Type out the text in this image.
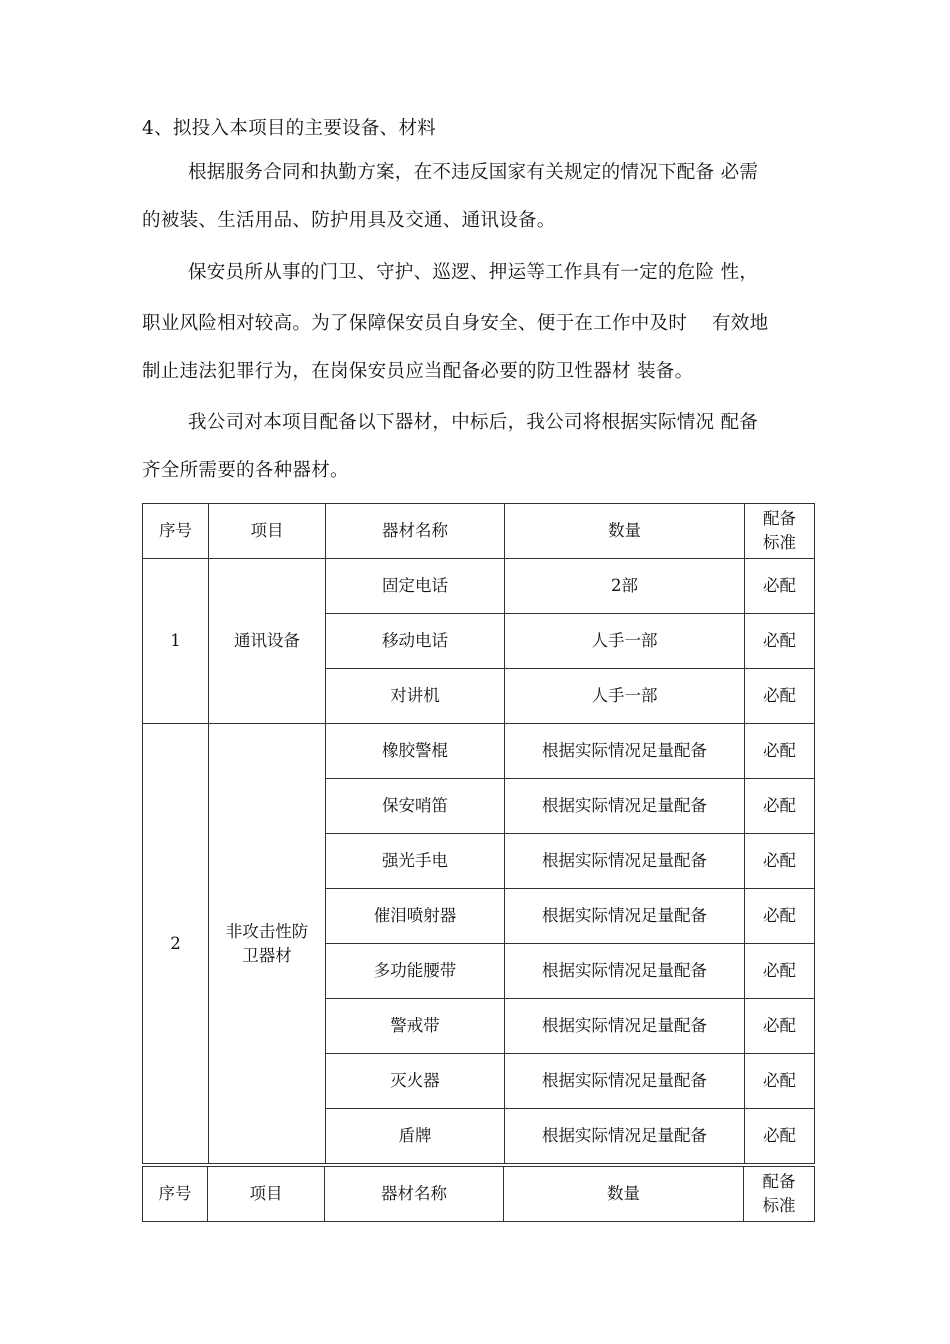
4、拟投入本项目的主要设备、材料
根据服务合同和执勤方案，在不违反国家有关规定的情况下配备 必需
的被装、生活用品、防护用具及交通、通讯设备。
保安员所从事的门卫、守护、巡逻、押运等工作具有一定的危险 性，
职业风险相对较高。为了保障保安员自身安全、便于在工作中及时 有效地
制止违法犯罪行为，在岗保安员应当配备必要的防卫性器材 装备。
我公司对本项目配备以下器材，中标后，我公司将根据实际情况 配备
齐全所需要的各种器材。
序号	项目	器材名称	数量	配备标准
1	通讯设备	固定电话	2部	必配
		移动电话	人手一部	必配
		对讲机	人手一部	必配
2	非攻击性防卫器材	橡胶警棍	根据实际情况足量配备	必配
		保安哨笛	根据实际情况足量配备	必配
		强光手电	根据实际情况足量配备	必配
		催泪喷射器	根据实际情况足量配备	必配
		多功能腰带	根据实际情况足量配备	必配
		警戒带	根据实际情况足量配备	必配
		灭火器	根据实际情况足量配备	必配
		盾牌	根据实际情况足量配备	必配
序号	项目	器材名称	数量	配备标准
